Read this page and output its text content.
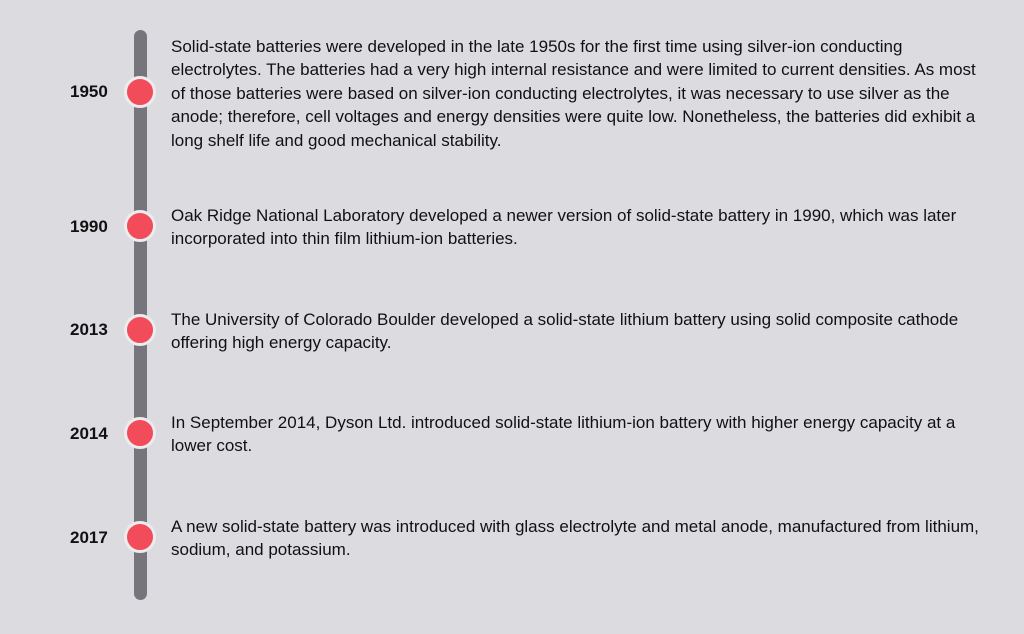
1950

Solid-state batteries were developed in the late 1950s for the first time using silver-ion conducting electrolytes. The batteries had a very high internal resistance and were limited to current densities. As most of those batteries were based on silver-ion conducting electrolytes, it was necessary to use silver as the anode; therefore, cell voltages and energy densities were quite low. Nonetheless, the batteries did exhibit a long shelf life and good mechanical stability.

1990

Oak Ridge National Laboratory developed a newer version of solid-state battery in 1990, which was later incorporated into thin film lithium-ion batteries.

2013

The University of Colorado Boulder developed a solid-state lithium battery using solid composite cathode offering high energy capacity.

2014

In September 2014, Dyson Ltd. introduced solid-state lithium-ion battery with higher energy capacity at a lower cost.

2017

A new solid-state battery was introduced with glass electrolyte and metal anode, manufactured from lithium, sodium, and potassium.
